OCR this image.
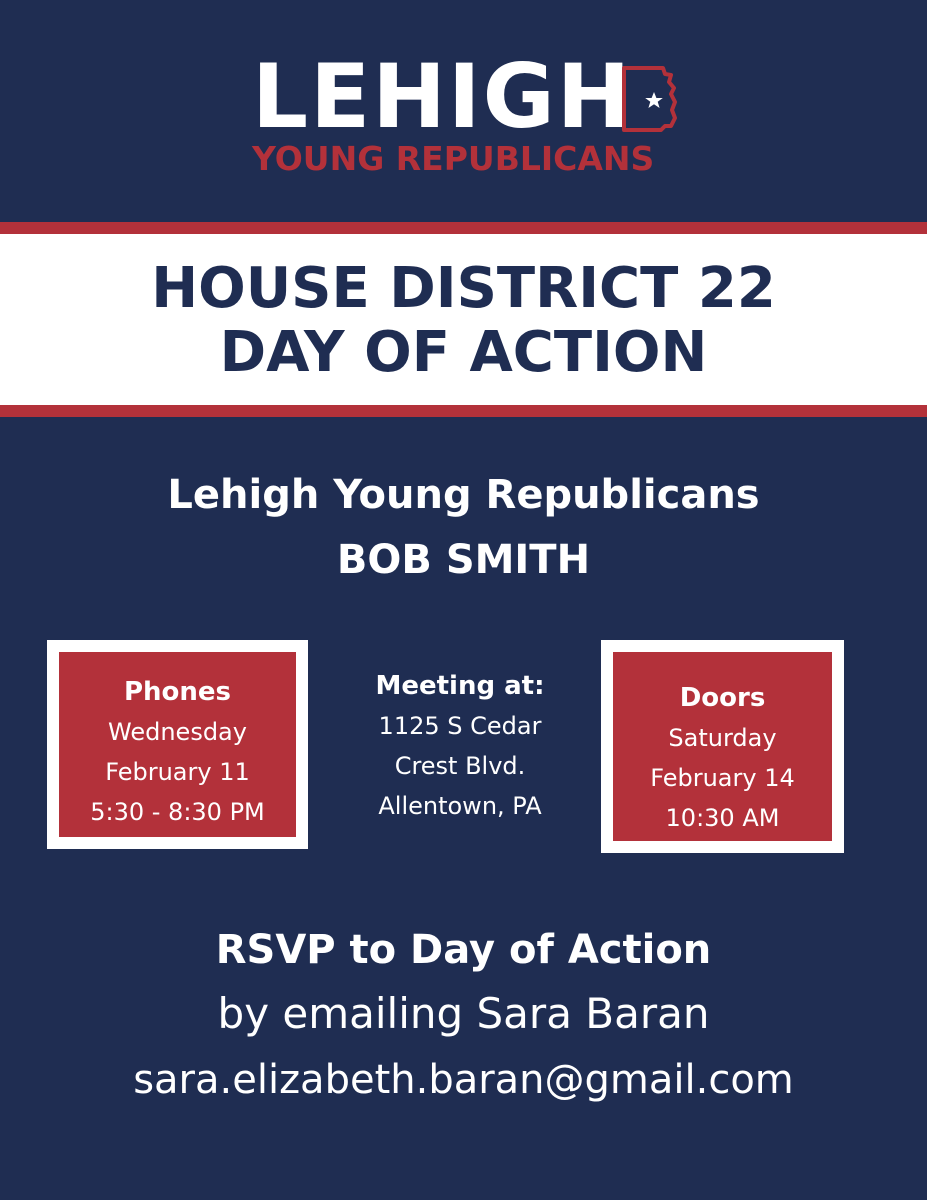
LEHIGH
YOUNG REPUBLICANS
HOUSE DISTRICT 22
DAY OF ACTION
Lehigh Young Republicans
BOB SMITH
Phones
Wednesday
February 11
5:30 - 8:30 PM
Meeting at:
1125 S Cedar
Crest Blvd.
Allentown, PA
Doors
Saturday
February 14
10:30 AM
RSVP to Day of Action
by emailing Sara Baran
sara.elizabeth.baran@gmail.com
